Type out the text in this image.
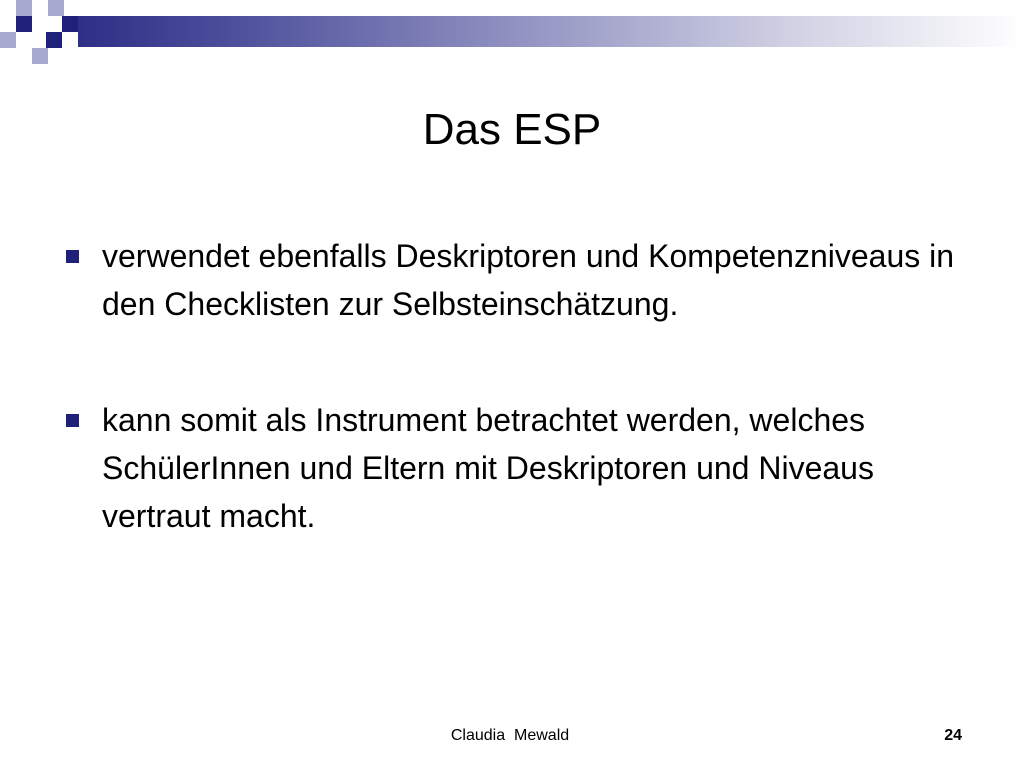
Das ESP
verwendet ebenfalls Deskriptoren und Kompetenzniveaus in den Checklisten zur Selbsteinschätzung.
kann somit als Instrument betrachtet werden, welches SchülerInnen und Eltern mit Deskriptoren und Niveaus vertraut macht.
Claudia  Mewald	24
